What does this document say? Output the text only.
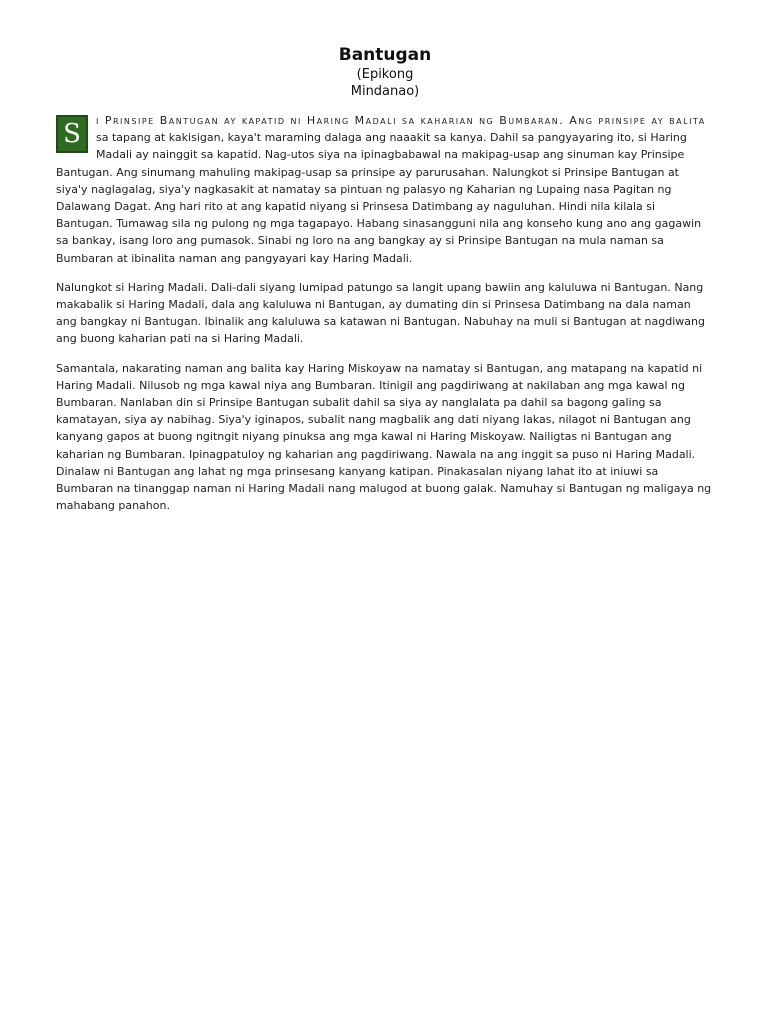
Bantugan
(Epikong
Mindanao)

S	i Prinsipe Bantugan ay kapatid ni Haring Madali sa kaharian ng Bumbaran. Ang prinsipe ay balita sa tapang at kakisigan, kaya't maraming dalaga ang naaakit sa kanya. Dahil sa pangyayaring ito, si Haring Madali ay nainggit sa kapatid. Nag-utos siya na ipinagbabawal na makipag-usap ang sinuman kay Prinsipe Bantugan. Ang sinumang mahuling makipag-usap sa prinsipe ay parurusahan. Nalungkot si Prinsipe Bantugan at siya'y naglagalag, siya'y nagkasakit at namatay sa pintuan ng palasyo ng Kaharian ng Lupaing nasa Pagitan ng Dalawang Dagat. Ang hari rito at ang kapatid niyang si Prinsesa Datimbang ay naguluhan. Hindi nila kilala si Bantugan. Tumawag sila ng pulong ng mga tagapayo. Habang sinasangguni nila ang konseho kung ano ang gagawin sa bankay, isang loro ang pumasok. Sinabi ng loro na ang bangkay ay si Prinsipe Bantugan na mula naman sa Bumbaran at ibinalita naman ang pangyayari kay Haring Madali.

Nalungkot si Haring Madali. Dali-dali siyang lumipad patungo sa langit upang bawiin ang kaluluwa ni Bantugan. Nang makabalik si Haring Madali, dala ang kaluluwa ni Bantugan, ay dumating din si Prinsesa Datimbang na dala naman ang bangkay ni Bantugan. Ibinalik ang kaluluwa sa katawan ni Bantugan. Nabuhay na muli si Bantugan at nagdiwang ang buong kaharian pati na si Haring Madali.

Samantala, nakarating naman ang balita kay Haring Miskoyaw na namatay si Bantugan, ang matapang na kapatid ni Haring Madali. Nilusob ng mga kawal niya ang Bumbaran. Itinigil ang pagdiriwang at nakilaban ang mga kawal ng Bumbaran. Nanlaban din si Prinsipe Bantugan subalit dahil sa siya ay nanglalata pa dahil sa bagong galing sa kamatayan, siya ay nabihag. Siya'y iginapos, subalit nang magbalik ang dati niyang lakas, nilagot ni Bantugan ang kanyang gapos at buong ngitngit niyang pinuksa ang mga kawal ni Haring Miskoyaw. Nailigtas ni Bantugan ang kaharian ng Bumbaran. Ipinagpatuloy ng kaharian ang pagdiriwang. Nawala na ang inggit sa puso ni Haring Madali. Dinalaw ni Bantugan ang lahat ng mga prinsesang kanyang katipan. Pinakasalan niyang lahat ito at iniuwi sa Bumbaran na tinanggap naman ni Haring Madali nang malugod at buong galak. Namuhay si Bantugan ng maligaya ng mahabang panahon.
